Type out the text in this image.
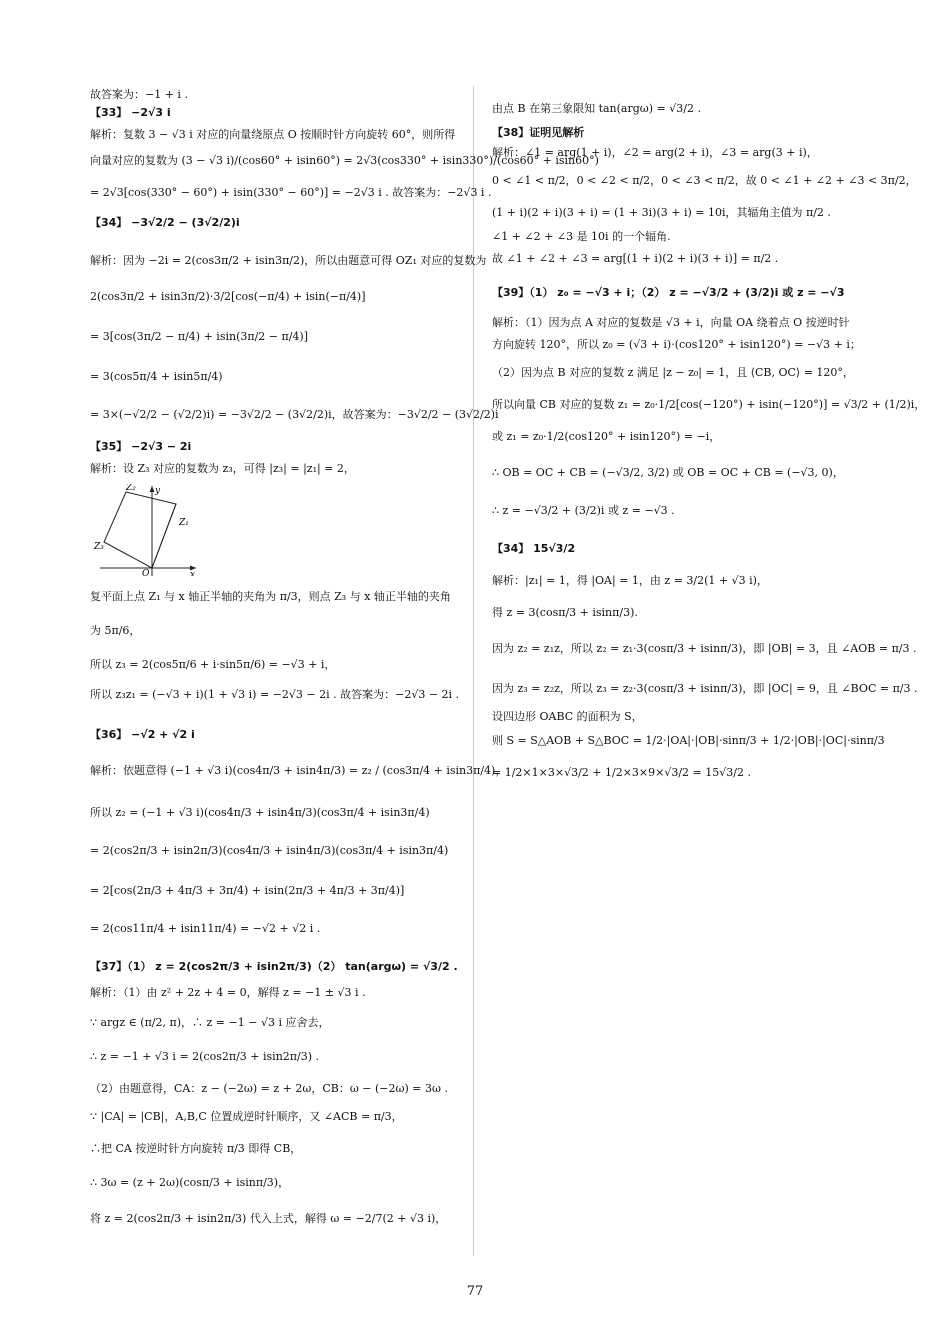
故答案为：−1 + i .
【33】 −2√3 i
解析：复数 3 − √3 i 对应的向量绕原点 O 按顺时针方向旋转 60°，则所得
向量对应的复数为 (3 − √3 i)/(cos60° + isin60°) = 2√3(cos330° + isin330°)/(cos60° + isin60°)
= 2√3[cos(330° − 60°) + isin(330° − 60°)] = −2√3 i . 故答案为：−2√3 i .
【34】 −3√2/2 − (3√2/2)i
解析：因为 −2i = 2(cos3π/2 + isin3π/2)，所以由题意可得 OZ₁ 对应的复数为
2(cos3π/2 + isin3π/2)·3/2[cos(−π/4) + isin(−π/4)]
= 3[cos(3π/2 − π/4) + isin(3π/2 − π/4)]
= 3(cos5π/4 + isin5π/4)
= 3×(−√2/2 − (√2/2)i) = −3√2/2 − (3√2/2)i，故答案为：−3√2/2 − (3√2/2)i
【35】 −2√3 − 2i
解析：设 Z₃ 对应的复数为 z₃，可得 |z₃| = |z₁| = 2，
Z₂ y
Z₁
Z₃
O	x
复平面上点 Z₁ 与 x 轴正半轴的夹角为 π/3，则点 Z₃ 与 x 轴正半轴的夹角
为 5π/6，
所以 z₃ = 2(cos5π/6 + i·sin5π/6) = −√3 + i，
所以 z₃z₁ = (−√3 + i)(1 + √3 i) = −2√3 − 2i . 故答案为：−2√3 − 2i .
【36】 −√2 + √2 i
解析：依题意得 (−1 + √3 i)(cos4π/3 + isin4π/3) = z₂ / (cos3π/4 + isin3π/4)，
所以 z₂ = (−1 + √3 i)(cos4π/3 + isin4π/3)(cos3π/4 + isin3π/4)
= 2(cos2π/3 + isin2π/3)(cos4π/3 + isin4π/3)(cos3π/4 + isin3π/4)
= 2[cos(2π/3 + 4π/3 + 3π/4) + isin(2π/3 + 4π/3 + 3π/4)]
= 2(cos11π/4 + isin11π/4) = −√2 + √2 i .
【37】（1） z = 2(cos2π/3 + isin2π/3)（2） tan(argω) = √3/2 .
解析：（1）由 z² + 2z + 4 = 0，解得 z = −1 ± √3 i .
∵ argz ∈ (π/2, π)，∴ z = −1 − √3 i 应舍去，
∴ z = −1 + √3 i = 2(cos2π/3 + isin2π/3) .
（2）由题意得，CA：z − (−2ω) = z + 2ω，CB：ω − (−2ω) = 3ω .
∵ |CA| = |CB|，A,B,C 位置成逆时针顺序，又 ∠ACB = π/3，
∴把 CA 按逆时针方向旋转 π/3 即得 CB，
∴ 3ω = (z + 2ω)(cosπ/3 + isinπ/3)，
将 z = 2(cos2π/3 + isin2π/3) 代入上式，解得 ω = −2/7(2 + √3 i)，
由点 B 在第三象限知 tan(argω) = √3/2 .
【38】证明见解析
解析：∠1 = arg(1 + i)，∠2 = arg(2 + i)，∠3 = arg(3 + i)，
0 < ∠1 < π/2，0 < ∠2 < π/2，0 < ∠3 < π/2，故 0 < ∠1 + ∠2 + ∠3 < 3π/2，
(1 + i)(2 + i)(3 + i) = (1 + 3i)(3 + i) = 10i，其辐角主值为 π/2 .
∠1 + ∠2 + ∠3 是 10i 的一个辐角.
故 ∠1 + ∠2 + ∠3 = arg[(1 + i)(2 + i)(3 + i)] = π/2 .
【39】（1） z₀ = −√3 + i；（2） z = −√3/2 + (3/2)i 或 z = −√3
解析：（1）因为点 A 对应的复数是 √3 + i，向量 OA 绕着点 O 按逆时针
方向旋转 120°，所以 z₀ = (√3 + i)·(cos120° + isin120°) = −√3 + i；
（2）因为点 B 对应的复数 z 满足 |z − z₀| = 1，且 ⟨CB, OC⟩ = 120°，
所以向量 CB 对应的复数 z₁ = z₀·1/2[cos(−120°) + isin(−120°)] = √3/2 + (1/2)i，
或 z₁ = z₀·1/2(cos120° + isin120°) = −i，
∴ OB = OC + CB = (−√3/2, 3/2) 或 OB = OC + CB = (−√3, 0)，
∴ z = −√3/2 + (3/2)i 或 z = −√3 .
【34】 15√3/2
解析：|z₁| = 1，得 |OA| = 1，由 z = 3/2(1 + √3 i)，
得 z = 3(cosπ/3 + isinπ/3).
因为 z₂ = z₁z，所以 z₂ = z₁·3(cosπ/3 + isinπ/3)，即 |OB| = 3，且 ∠AOB = π/3 .
因为 z₃ = z₂z，所以 z₃ = z₂·3(cosπ/3 + isinπ/3)，即 |OC| = 9，且 ∠BOC = π/3 .
设四边形 OABC 的面积为 S，
则 S = S△AOB + S△BOC = 1/2·|OA|·|OB|·sinπ/3 + 1/2·|OB|·|OC|·sinπ/3
= 1/2×1×3×√3/2 + 1/2×3×9×√3/2 = 15√3/2 .
77
